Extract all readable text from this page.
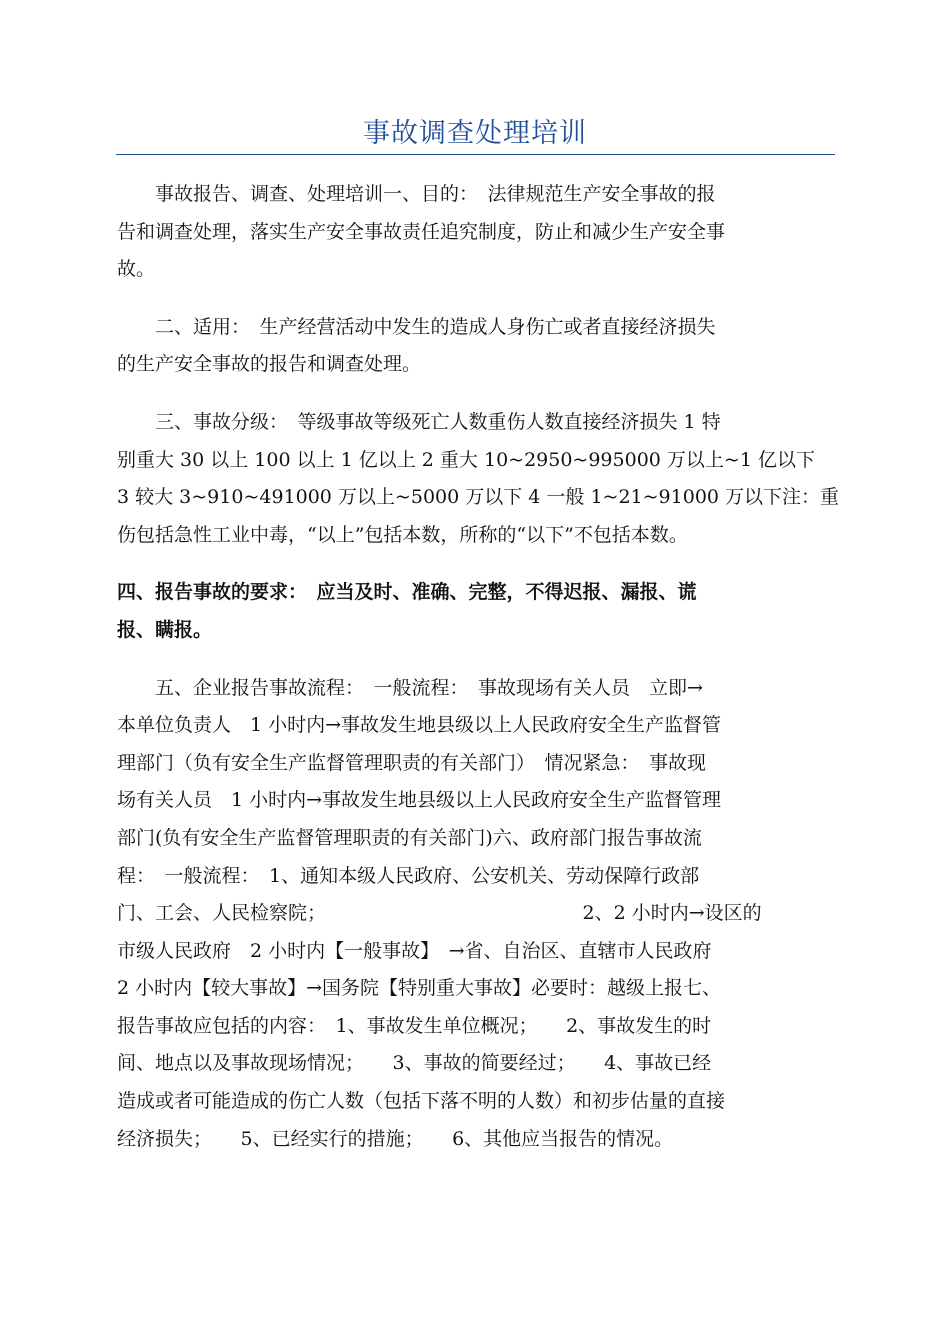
事故调查处理培训

事故报告、调查、处理培训一、目的：　法律规范生产安全事故的报
告和调查处理，落实生产安全事故责任追究制度，防止和减少生产安全事
故。

二、适用：　生产经营活动中发生的造成人身伤亡或者直接经济损失
的生产安全事故的报告和调查处理。

三、事故分级：　等级事故等级死亡人数重伤人数直接经济损失 1 特
别重大 30 以上 100 以上 1 亿以上 2 重大 10~2950~995000 万以上~1 亿以下
3 较大 3~910~491000 万以上~5000 万以下 4 一般 1~21~91000 万以下注：重
伤包括急性工业中毒，“以上”包括本数，所称的“以下”不包括本数。

四、报告事故的要求：　应当及时、准确、完整，不得迟报、漏报、谎
报、瞒报。

五、企业报告事故流程：　一般流程：　事故现场有关人员　立即→
本单位负责人　1 小时内→事故发生地县级以上人民政府安全生产监督管
理部门（负有安全生产监督管理职责的有关部门）　情况紧急：　事故现
场有关人员　1 小时内→事故发生地县级以上人民政府安全生产监督管理
部门(负有安全生产监督管理职责的有关部门)六、政府部门报告事故流
程：　一般流程：　1、通知本级人民政府、公安机关、劳动保障行政部
门、工会、人民检察院；　　　　　　　　　　　　　　2、2 小时内→设区的
市级人民政府　2 小时内【一般事故】　→省、自治区、直辖市人民政府
2 小时内【较大事故】→国务院【特别重大事故】必要时：越级上报七、
报告事故应包括的内容：　1、事故发生单位概况；　　2、事故发生的时
间、地点以及事故现场情况；　　3、事故的简要经过；　　4、事故已经
造成或者可能造成的伤亡人数（包括下落不明的人数）和初步估量的直接
经济损失；　　5、已经实行的措施；　　6、其他应当报告的情况。
